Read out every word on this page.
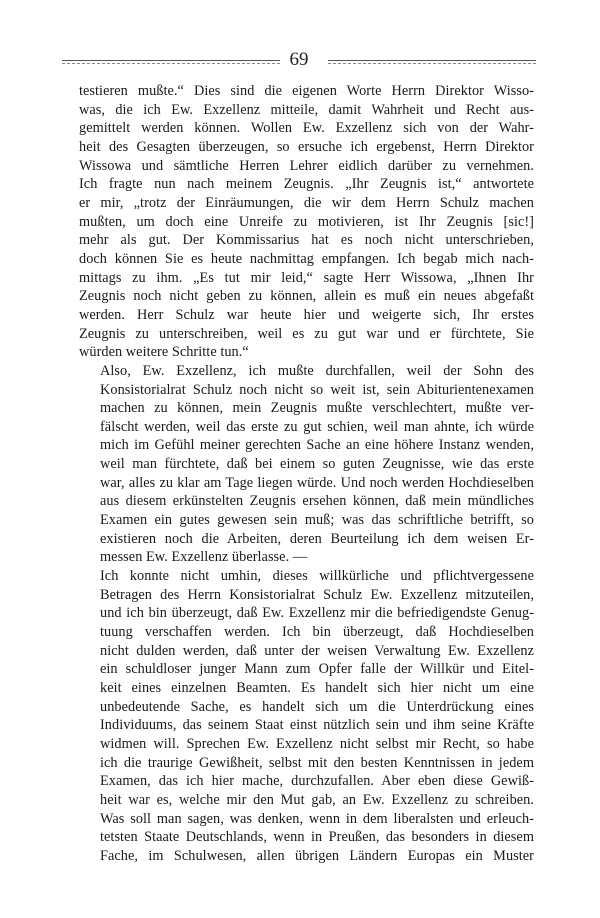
69

testieren mußte.“ Dies sind die eigenen Worte Herrn Direktor Wisso-
was, die ich Ew. Exzellenz mitteile, damit Wahrheit und Recht aus-
gemittelt werden können. Wollen Ew. Exzellenz sich von der Wahr-
heit des Gesagten überzeugen, so ersuche ich ergebenst, Herrn Direktor
Wissowa und sämtliche Herren Lehrer eidlich darüber zu vernehmen.
Ich fragte nun nach meinem Zeugnis. „Ihr Zeugnis ist,“ antwortete
er mir, „trotz der Einräumungen, die wir dem Herrn Schulz machen
mußten, um doch eine Unreife zu motivieren, ist Ihr Zeugnis [sic!]
mehr als gut. Der Kommissarius hat es noch nicht unterschrieben,
doch können Sie es heute nachmittag empfangen. Ich begab mich nach-
mittags zu ihm. „Es tut mir leid,“ sagte Herr Wissowa, „Ihnen Ihr
Zeugnis noch nicht geben zu können, allein es muß ein neues abgefaßt
werden. Herr Schulz war heute hier und weigerte sich, Ihr erstes
Zeugnis zu unterschreiben, weil es zu gut war und er fürchtete, Sie
würden weitere Schritte tun.“

Also, Ew. Exzellenz, ich mußte durchfallen, weil der Sohn des
Konsistorialrat Schulz noch nicht so weit ist, sein Abiturientenexamen
machen zu können, mein Zeugnis mußte verschlechtert, mußte ver-
fälscht werden, weil das erste zu gut schien, weil man ahnte, ich würde
mich im Gefühl meiner gerechten Sache an eine höhere Instanz wenden,
weil man fürchtete, daß bei einem so guten Zeugnisse, wie das erste
war, alles zu klar am Tage liegen würde. Und noch werden Hochdieselben
aus diesem erkünstelten Zeugnis ersehen können, daß mein mündliches
Examen ein gutes gewesen sein muß; was das schriftliche betrifft, so
existieren noch die Arbeiten, deren Beurteilung ich dem weisen Er-
messen Ew. Exzellenz überlasse. —

Ich konnte nicht umhin, dieses willkürliche und pflichtvergessene
Betragen des Herrn Konsistorialrat Schulz Ew. Exzellenz mitzuteilen,
und ich bin überzeugt, daß Ew. Exzellenz mir die befriedigendste Genug-
tuung verschaffen werden. Ich bin überzeugt, daß Hochdieselben
nicht dulden werden, daß unter der weisen Verwaltung Ew. Exzellenz
ein schuldloser junger Mann zum Opfer falle der Willkür und Eitel-
keit eines einzelnen Beamten. Es handelt sich hier nicht um eine
unbedeutende Sache, es handelt sich um die Unterdrückung eines
Individuums, das seinem Staat einst nützlich sein und ihm seine Kräfte
widmen will. Sprechen Ew. Exzellenz nicht selbst mir Recht, so habe
ich die traurige Gewißheit, selbst mit den besten Kenntnissen in jedem
Examen, das ich hier mache, durchzufallen. Aber eben diese Gewiß-
heit war es, welche mir den Mut gab, an Ew. Exzellenz zu schreiben.
Was soll man sagen, was denken, wenn in dem liberalsten und erleuch-
tetsten Staate Deutschlands, wenn in Preußen, das besonders in diesem
Fache, im Schulwesen, allen übrigen Ländern Europas ein Muster
